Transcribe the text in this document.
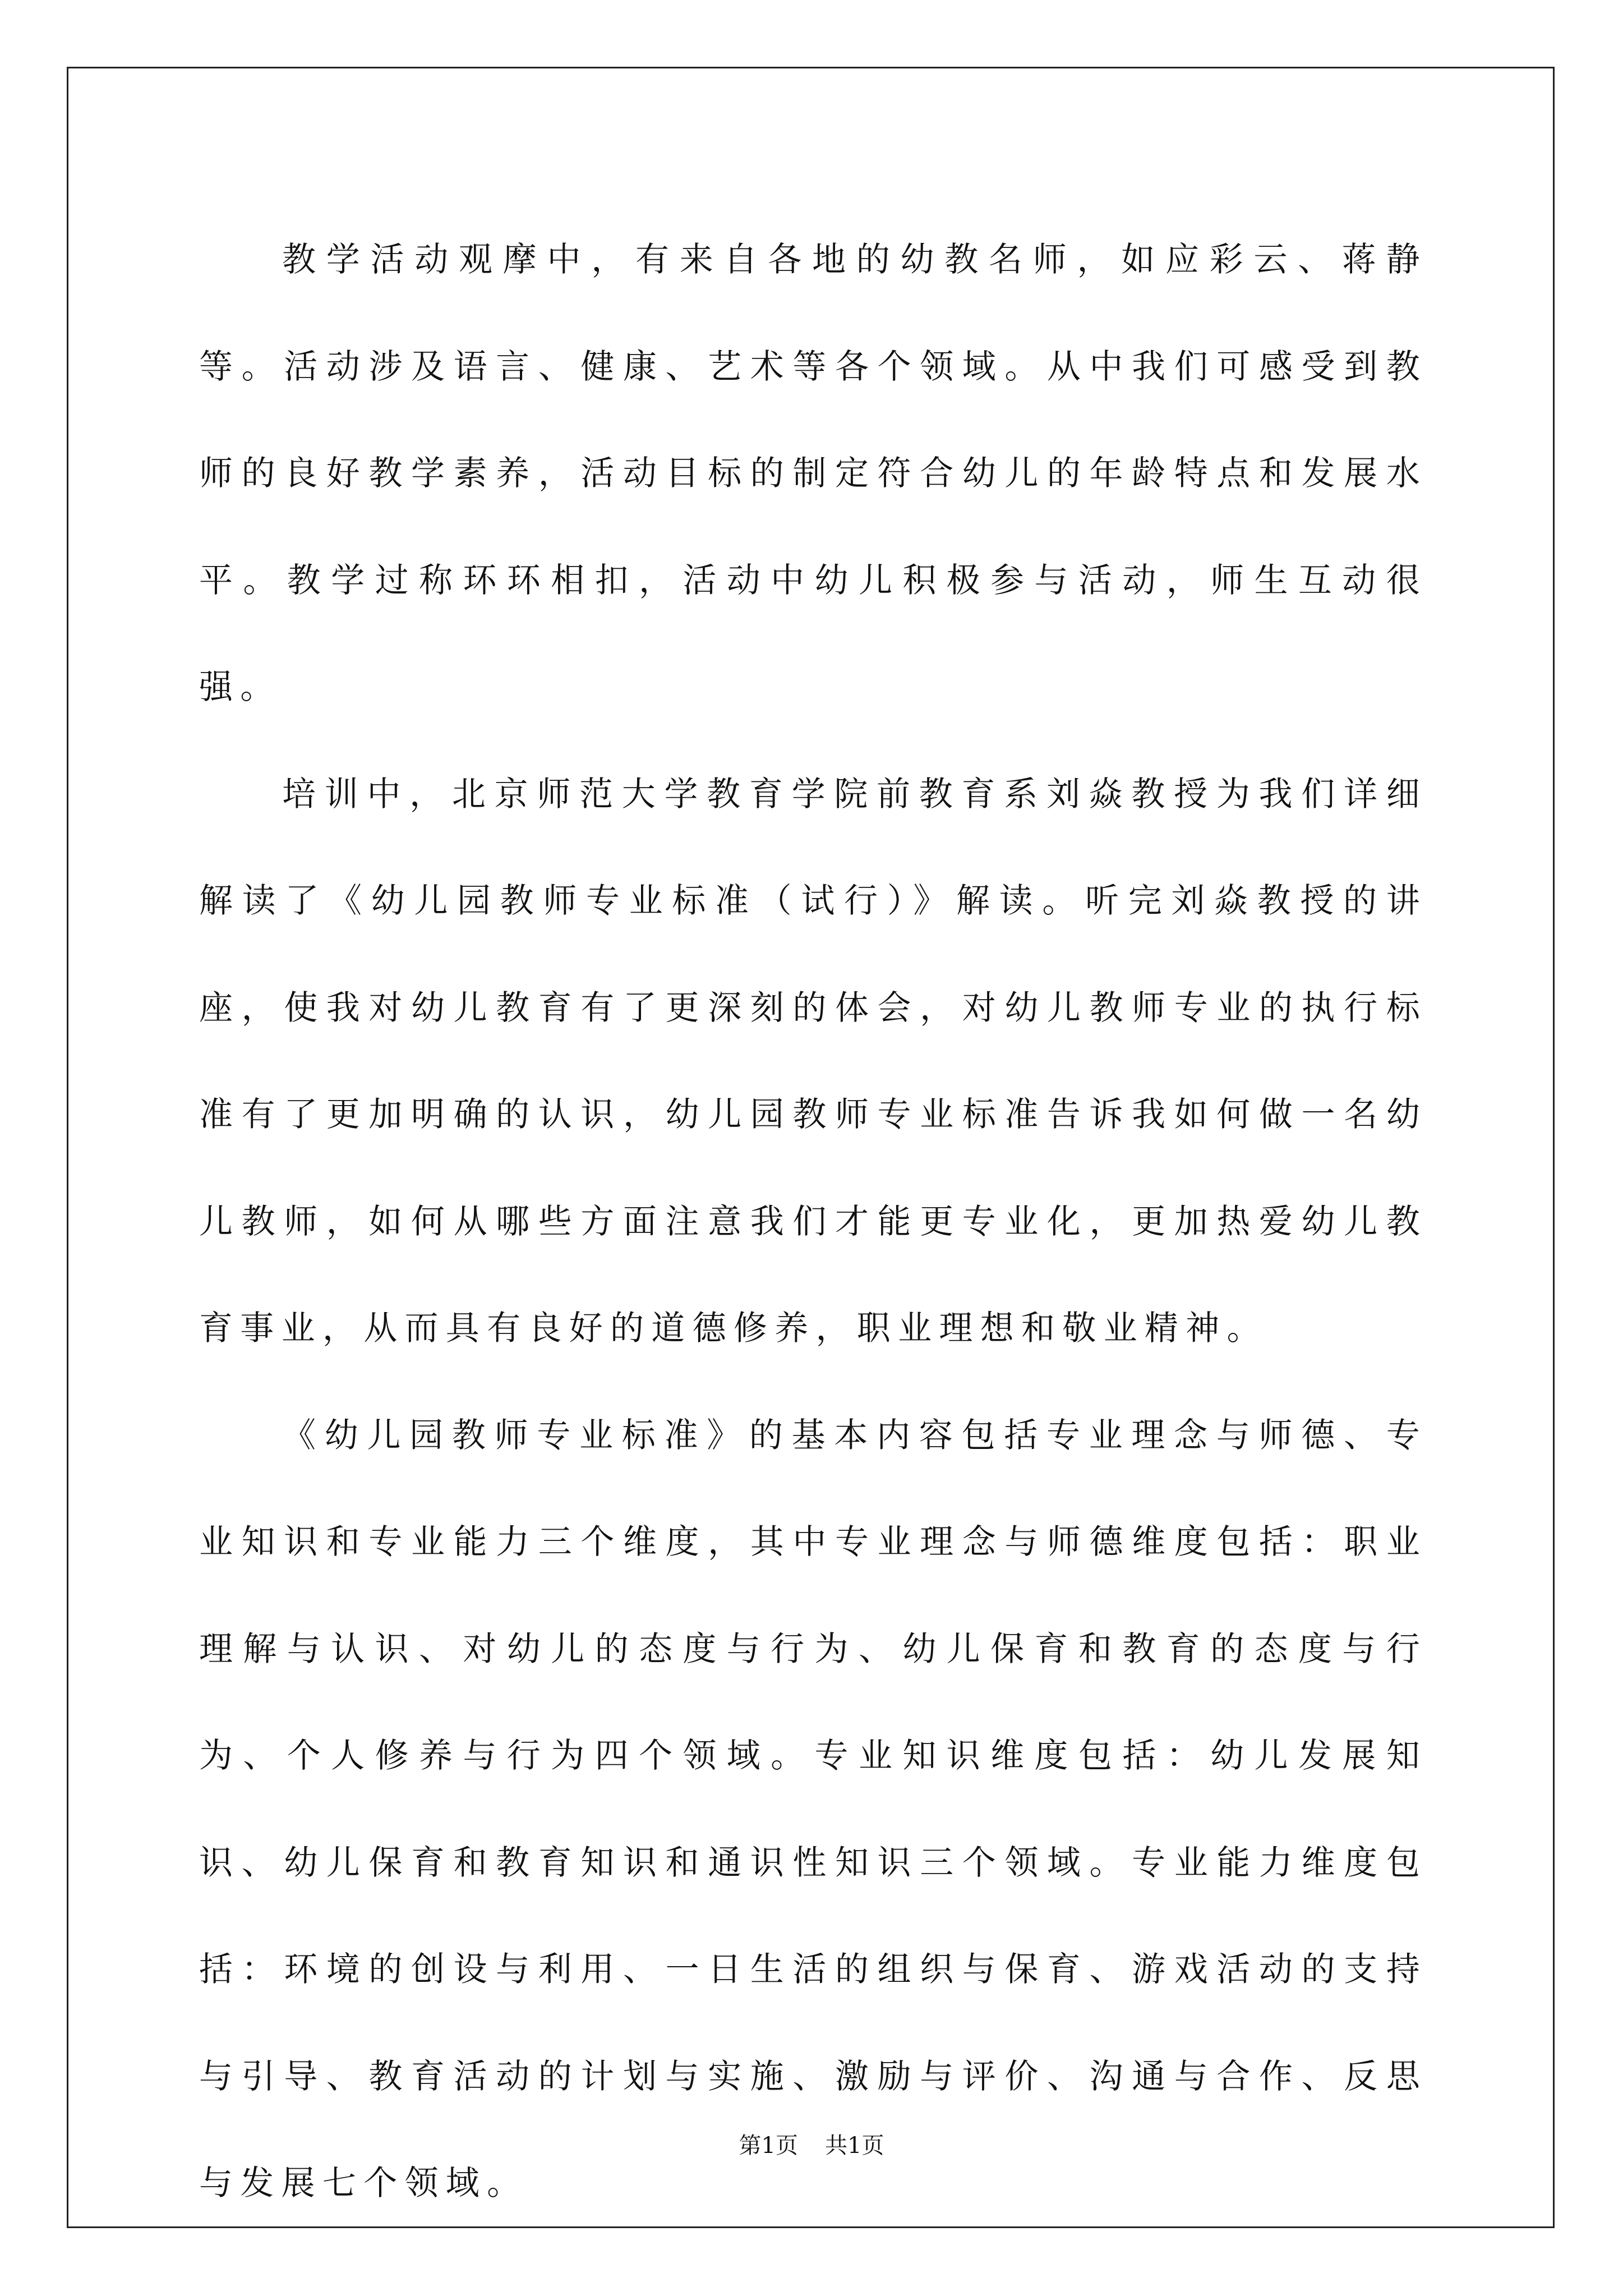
教学活动观摩中，有来自各地的幼教名师，如应彩云、蒋静等。活动涉及语言、健康、艺术等各个领域。从中我们可感受到教师的良好教学素养，活动目标的制定符合幼儿的年龄特点和发展水平。教学过称环环相扣，活动中幼儿积极参与活动，师生互动很强。

培训中，北京师范大学教育学院前教育系刘焱教授为我们详细解读了《幼儿园教师专业标准（试行）》解读。听完刘焱教授的讲座，使我对幼儿教育有了更深刻的体会，对幼儿教师专业的执行标准有了更加明确的认识，幼儿园教师专业标准告诉我如何做一名幼儿教师，如何从哪些方面注意我们才能更专业化，更加热爱幼儿教育事业，从而具有良好的道德修养，职业理想和敬业精神。

《幼儿园教师专业标准》的基本内容包括专业理念与师德、专业知识和专业能力三个维度，其中专业理念与师德维度包括：职业理解与认识、对幼儿的态度与行为、幼儿保育和教育的态度与行为、个人修养与行为四个领域。专业知识维度包括：幼儿发展知识、幼儿保育和教育知识和通识性知识三个领域。专业能力维度包括：环境的创设与利用、一日生活的组织与保育、游戏活动的支持与引导、教育活动的计划与实施、激励与评价、沟通与合作、反思与发展七个领域。

第1页 共1页
